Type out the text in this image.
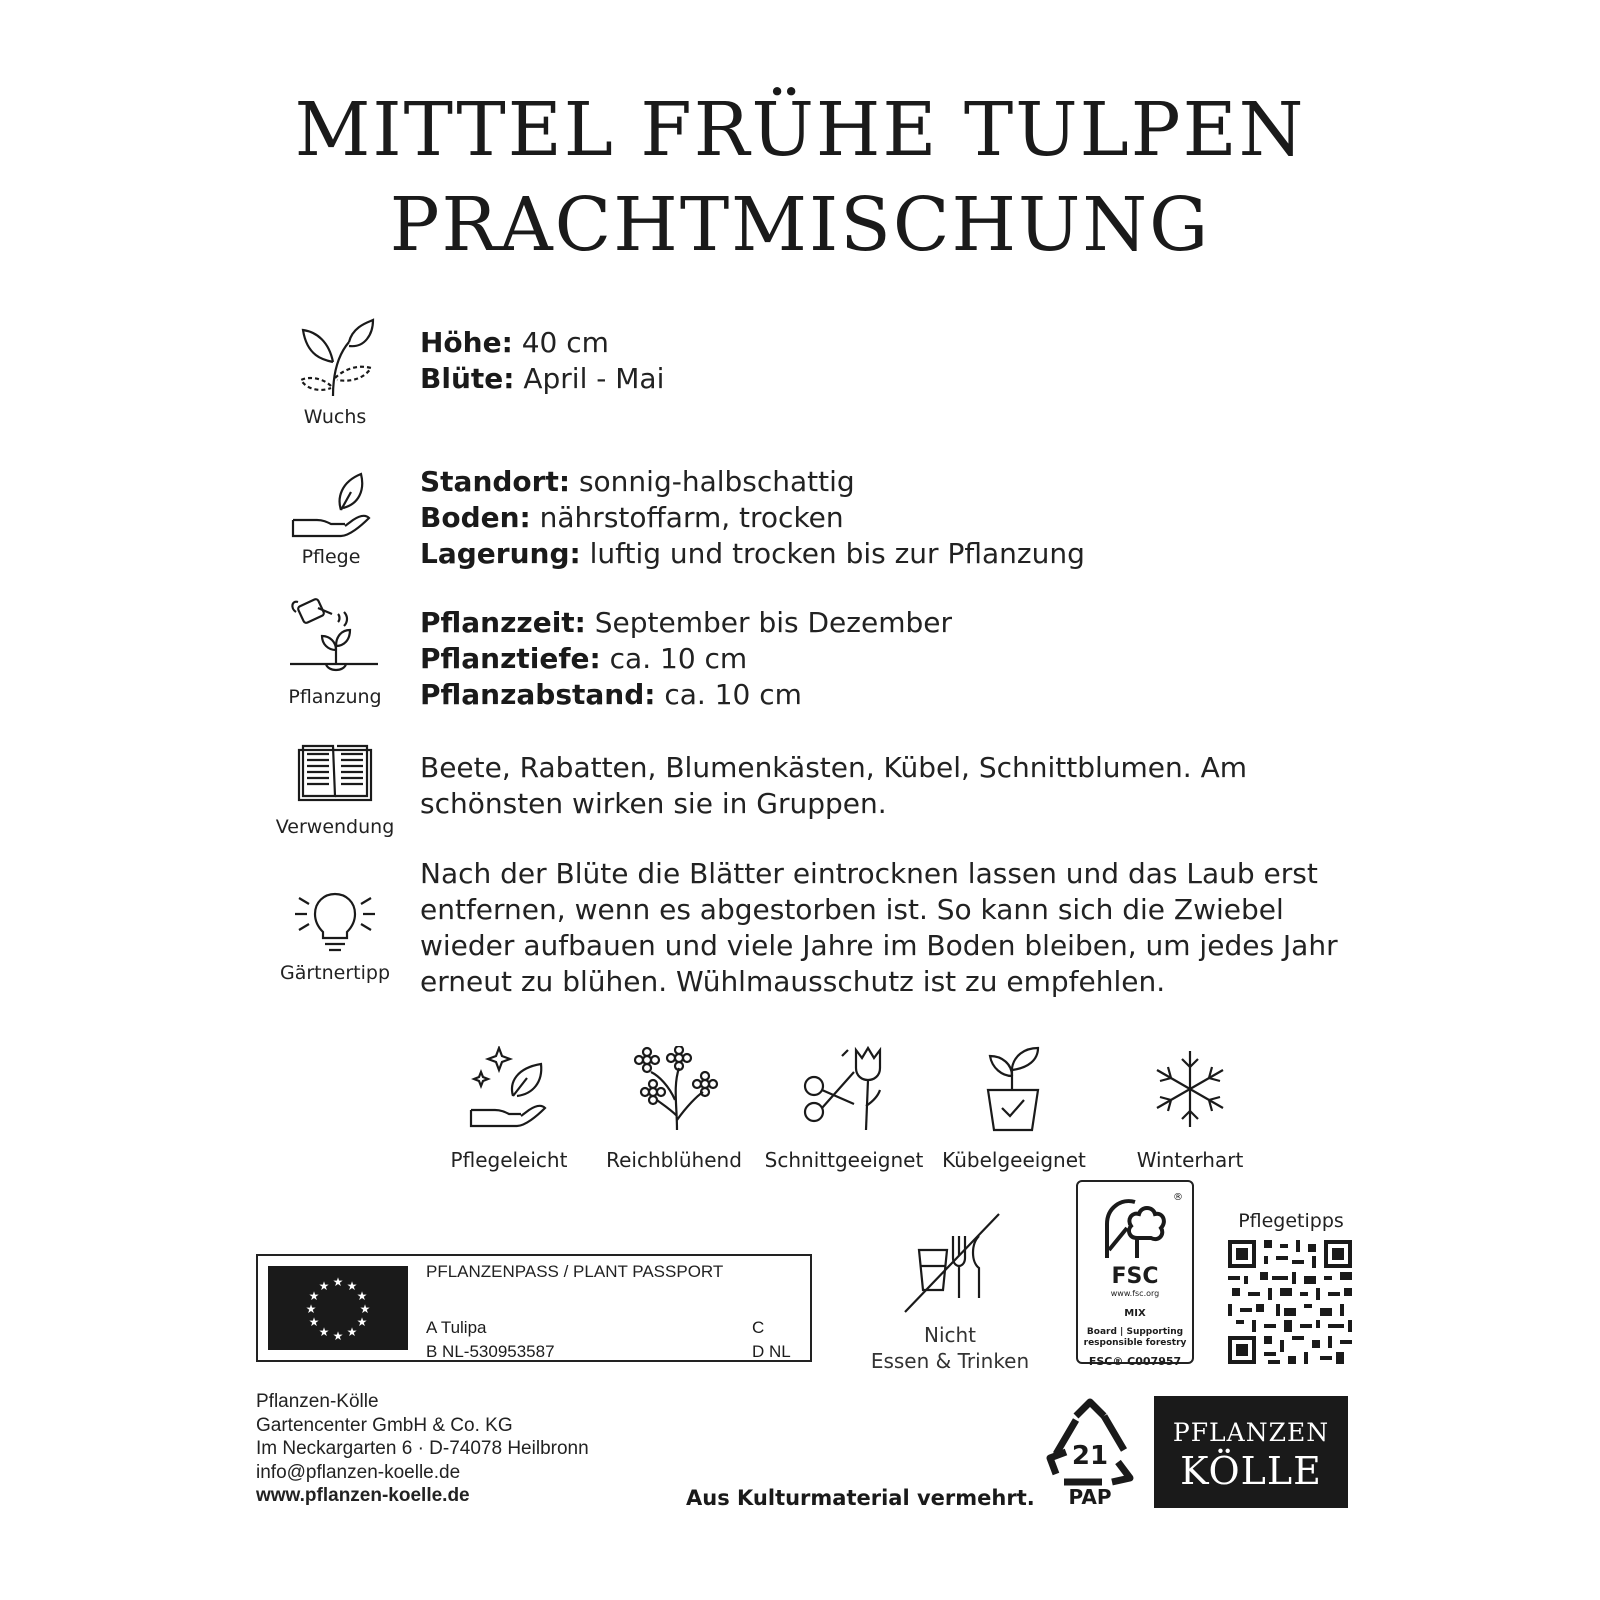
MITTEL FRÜHE TULPEN
PRACHTMISCHUNG
Wuchs
Höhe: 40 cm
Blüte: April - Mai
Pflege
Standort: sonnig-halbschattig
Boden: nährstoffarm, trocken
Lagerung: luftig und trocken bis zur Pflanzung
Pflanzung
Pflanzzeit: September bis Dezember
Pflanztiefe: ca. 10 cm
Pflanzabstand: ca. 10 cm
Verwendung
Beete, Rabatten, Blumenkästen, Kübel, Schnittblumen. Am
schönsten wirken sie in Gruppen.
Gärtnertipp
Nach der Blüte die Blätter eintrocknen lassen und das Laub erst
entfernen, wenn es abgestorben ist. So kann sich die Zwiebel
wieder aufbauen und viele Jahre im Boden bleiben, um jedes Jahr
erneut zu blühen. Wühlmausschutz ist zu empfehlen.
Pflegeleicht	Reichblühend	Schnittgeeignet Kübelgeeignet	Winterhart
★ ★
★
★
★
★
★
★
★
★
★
★
PFLANZENPASS / PLANT PASSPORT
A Tulipa
B NL-530953587
C
D NL
Nicht
Essen & Trinken
®
FSC
www.fsc.org
MIX
Board | Supporting
responsible forestry
FSC® C007957
Pflegetipps
Pflanzen-Kölle
Gartencenter GmbH & Co. KG
Im Neckargarten 6 · D-74078 Heilbronn
info@pflanzen-koelle.de
www.pflanzen-koelle.de	Aus Kulturmaterial vermehrt.
21
PAP
PFLANZEN
KÖLLE
